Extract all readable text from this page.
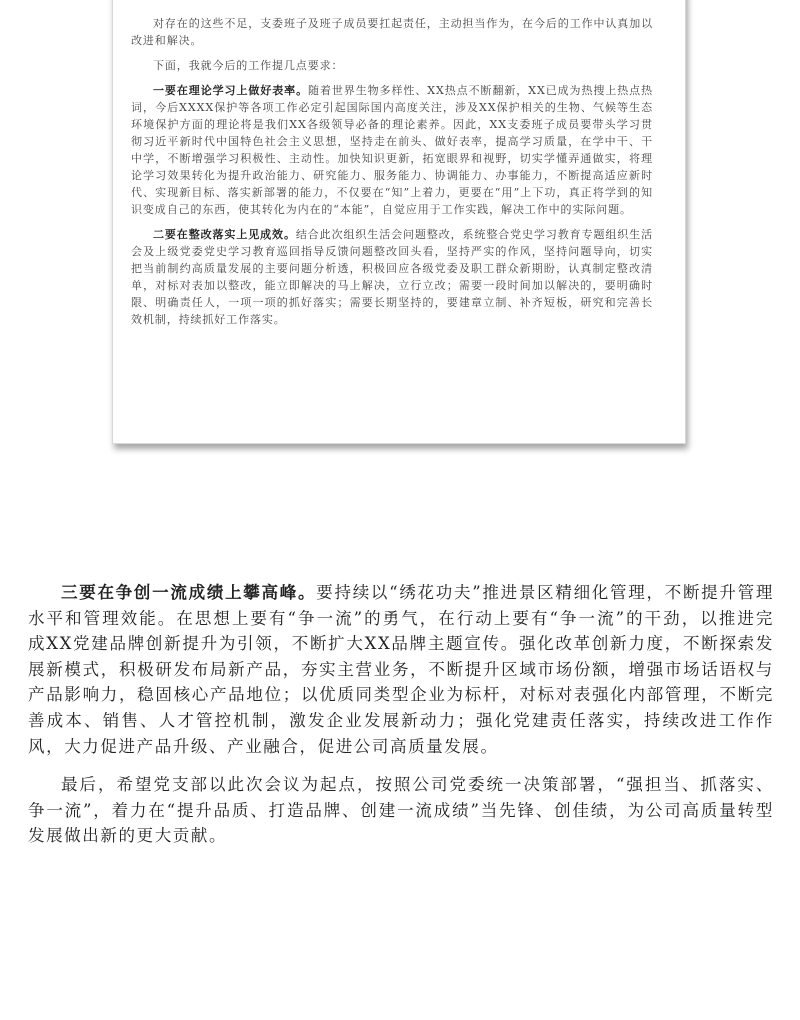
对存在的这些不足，支委班子及班子成员要扛起责任，主动担当作为，在今后的工作中认真加以改进和解决。

下面，我就今后的工作提几点要求：

一要在理论学习上做好表率。随着世界生物多样性、XX热点不断翻新，XX已成为热搜上热点热词，今后XXXX保护等各项工作必定引起国际国内高度关注，涉及XX保护相关的生物、气候等生态环境保护方面的理论将是我们XX各级领导必备的理论素养。因此，XX支委班子成员要带头学习贯彻习近平新时代中国特色社会主义思想，坚持走在前头、做好表率，提高学习质量，在学中干、干中学，不断增强学习积极性、主动性。加快知识更新，拓宽眼界和视野，切实学懂弄通做实，将理论学习效果转化为提升政治能力、研究能力、服务能力、协调能力、办事能力，不断提高适应新时代、实现新目标、落实新部署的能力，不仅要在“知”上着力，更要在“用”上下功，真正将学到的知识变成自己的东西，使其转化为内在的“本能”，自觉应用于工作实践，解决工作中的实际问题。

二要在整改落实上见成效。结合此次组织生活会问题整改，系统整合党史学习教育专题组织生活会及上级党委党史学习教育巡回指导反馈问题整改回头看，坚持严实的作风，坚持问题导向，切实把当前制约高质量发展的主要问题分析透，积极回应各级党委及职工群众新期盼，认真制定整改清单，对标对表加以整改，能立即解决的马上解决，立行立改；需要一段时间加以解决的，要明确时限、明确责任人，一项一项的抓好落实；需要长期坚持的，要建章立制、补齐短板，研究和完善长效机制，持续抓好工作落实。

三要在争创一流成绩上攀高峰。要持续以“绣花功夫”推进景区精细化管理，不断提升管理水平和管理效能。在思想上要有“争一流”的勇气，在行动上要有“争一流”的干劲，以推进完成XX党建品牌创新提升为引领，不断扩大XX品牌主题宣传。强化改革创新力度，不断探索发展新模式，积极研发布局新产品，夯实主营业务，不断提升区域市场份额，增强市场话语权与产品影响力，稳固核心产品地位；以优质同类型企业为标杆，对标对表强化内部管理，不断完善成本、销售、人才管控机制，激发企业发展新动力；强化党建责任落实，持续改进工作作风，大力促进产品升级、产业融合，促进公司高质量发展。

最后，希望党支部以此次会议为起点，按照公司党委统一决策部署，“强担当、抓落实、争一流”，着力在“提升品质、打造品牌、创建一流成绩”当先锋、创佳绩，为公司高质量转型发展做出新的更大贡献。
